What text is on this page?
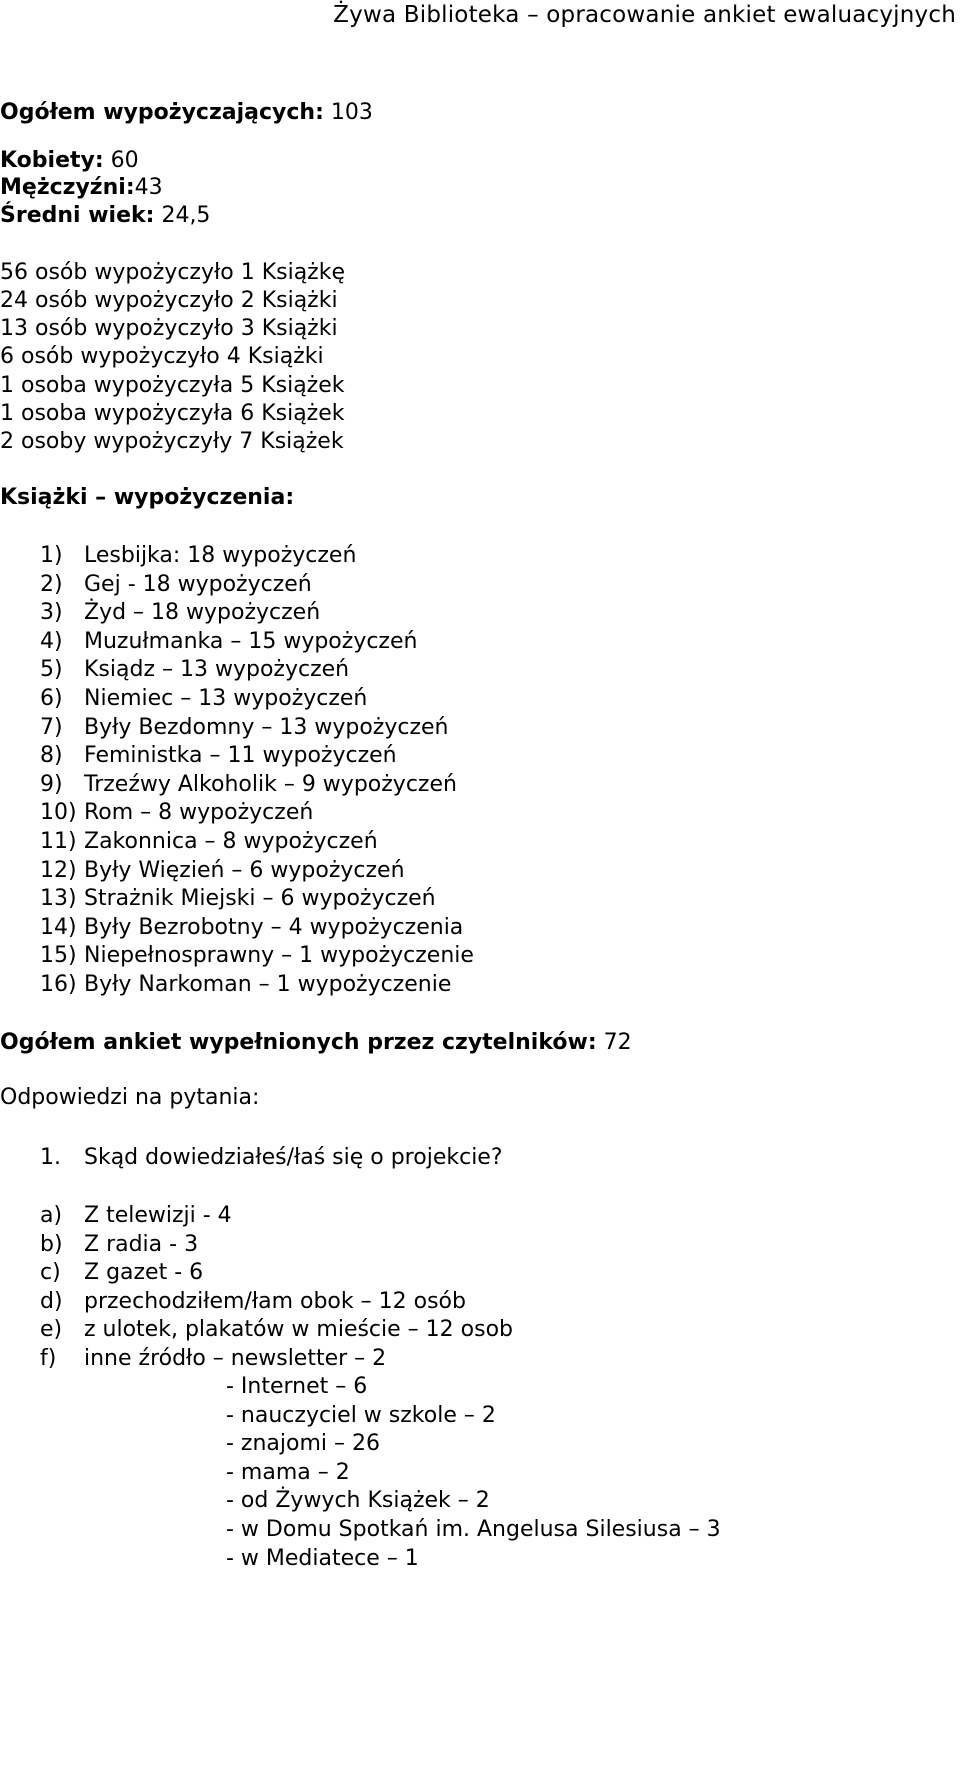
Żywa Biblioteka – opracowanie ankiet ewaluacyjnych
Ogółem wypożyczających: 103
Kobiety: 60
Mężczyźni:43
Średni wiek: 24,5
56 osób wypożyczyło 1 Książkę
24 osób wypożyczyło 2 Książki
13 osób wypożyczyło 3 Książki
6 osób wypożyczyło 4 Książki
1 osoba wypożyczyła 5 Książek
1 osoba wypożyczyła 6 Książek
2 osoby wypożyczyły 7 Książek
Książki – wypożyczenia:
1) Lesbijka: 18 wypożyczeń
2) Gej - 18 wypożyczeń
3) Żyd – 18 wypożyczeń
4) Muzułmanka – 15 wypożyczeń
5) Ksiądz – 13 wypożyczeń
6) Niemiec – 13 wypożyczeń
7) Były Bezdomny – 13 wypożyczeń
8) Feministka – 11 wypożyczeń
9) Trzeźwy Alkoholik – 9 wypożyczeń
10) Rom – 8 wypożyczeń
11) Zakonnica – 8 wypożyczeń
12) Były Więzień – 6 wypożyczeń
13) Strażnik Miejski – 6 wypożyczeń
14) Były Bezrobotny – 4 wypożyczenia
15) Niepełnosprawny – 1 wypożyczenie
16) Były Narkoman – 1 wypożyczenie
Ogółem ankiet wypełnionych przez czytelników: 72
Odpowiedzi na pytania:
1. Skąd dowiedziałeś/łaś się o projekcie?
a) Z telewizji - 4
b) Z radia - 3
c) Z gazet - 6
d) przechodziłem/łam obok – 12 osób
e) z ulotek, plakatów w mieście – 12 osob
f) inne źródło – newsletter – 2
- Internet – 6
- nauczyciel w szkole – 2
- znajomi – 26
- mama – 2
- od Żywych Książek – 2
- w Domu Spotkań im. Angelusa Silesiusa – 3
- w Mediatece – 1
